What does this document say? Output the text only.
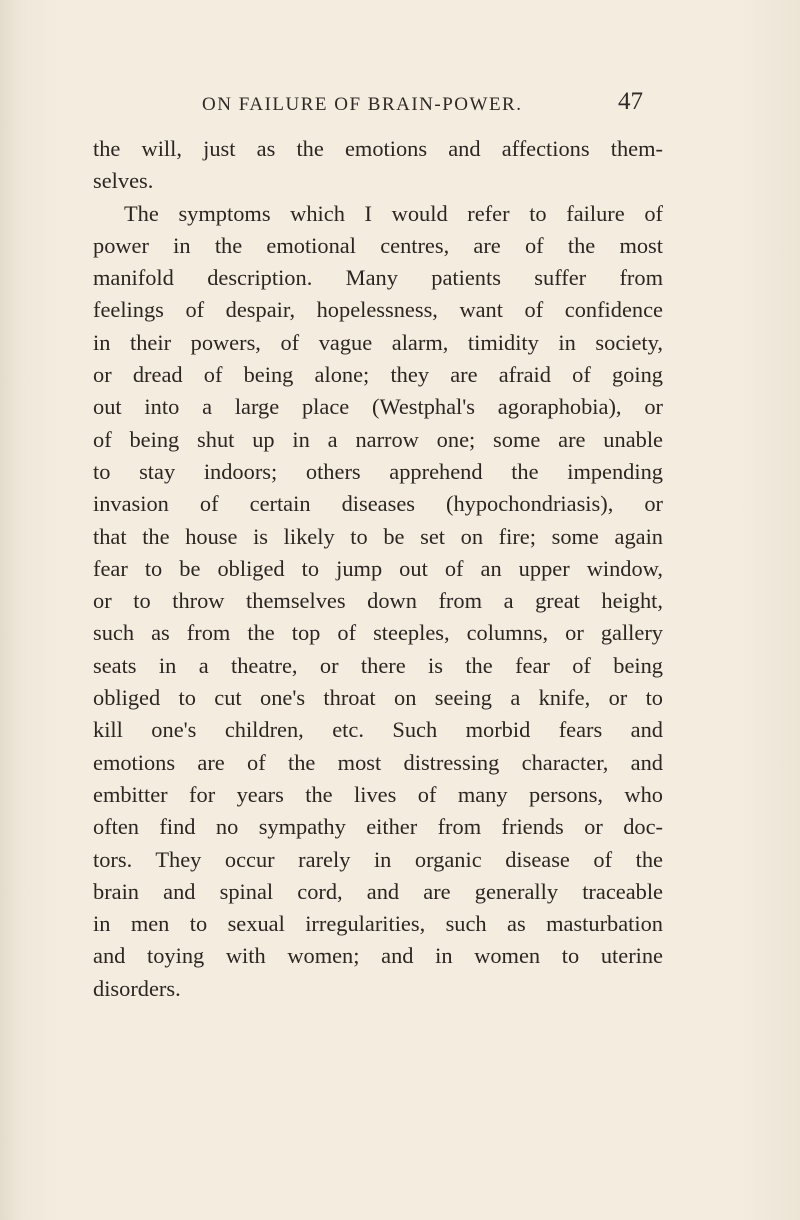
ON FAILURE OF BRAIN-POWER.	47
the will, just as the emotions and affections them-
selves.
The symptoms which I would refer to failure of
power in the emotional centres, are of the most
manifold description. Many patients suffer from
feelings of despair, hopelessness, want of confidence
in their powers, of vague alarm, timidity in society,
or dread of being alone; they are afraid of going
out into a large place (Westphal's agoraphobia), or
of being shut up in a narrow one; some are unable
to stay indoors; others apprehend the impending
invasion of certain diseases (hypochondriasis), or
that the house is likely to be set on fire; some again
fear to be obliged to jump out of an upper window,
or to throw themselves down from a great height,
such as from the top of steeples, columns, or gallery
seats in a theatre, or there is the fear of being
obliged to cut one's throat on seeing a knife, or to
kill one's children, etc. Such morbid fears and
emotions are of the most distressing character, and
embitter for years the lives of many persons, who
often find no sympathy either from friends or doc-
tors. They occur rarely in organic disease of the
brain and spinal cord, and are generally traceable
in men to sexual irregularities, such as masturbation
and toying with women; and in women to uterine
disorders.
